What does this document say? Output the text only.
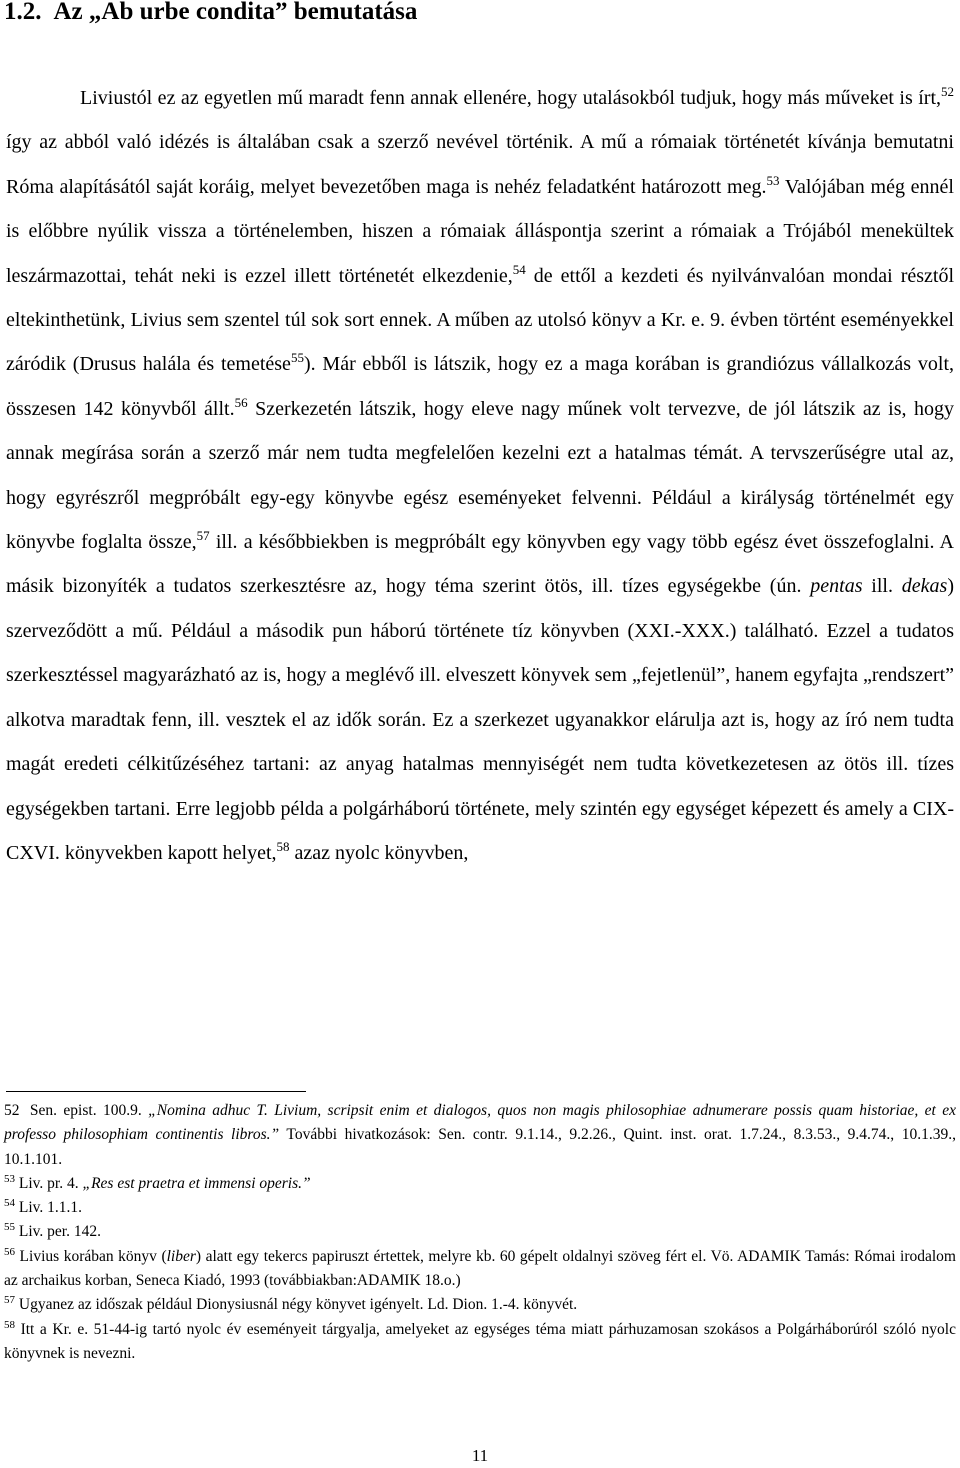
1.2. Az „Ab urbe condita” bemutatása

Liviustól ez az egyetlen mű maradt fenn annak ellenére, hogy utalásokból tudjuk, hogy más műveket is írt,$^{52}$ így az abból való idézés is általában csak a szerző nevével történik. A mű a rómaiak történetét kívánja bemutatni Róma alapításától saját koráig, melyet bevezetőben maga is nehéz feladatként határozott meg.$^{53}$ Valójában még ennél is előbbre nyúlik vissza a történelemben, hiszen a rómaiak álláspontja szerint a rómaiak a Trójából menekültek leszármazottai, tehát neki is ezzel illett történetét elkezdenie,$^{54}$ de ettől a kezdeti és nyilvánvalóan mondai résztől eltekinthetünk, Livius sem szentel túl sok sort ennek. A műben az utolsó könyv a Kr. e. 9. évben történt eseményekkel záródik (Drusus halála és temetése$^{55}$). Már ebből is látszik, hogy ez a maga korában is grandiózus vállalkozás volt, összesen 142 könyvből állt.$^{56}$ Szerkezetén látszik, hogy eleve nagy műnek volt tervezve, de jól látszik az is, hogy annak megírása során a szerző már nem tudta megfelelően kezelni ezt a hatalmas témát. A tervszerűségre utal az, hogy egyrészről megpróbált egy-egy könyvbe egész eseményeket felvenni. Például a királyság történelmét egy könyvbe foglalta össze,$^{57}$ ill. a későbbiekben is megpróbált egy könyvben egy vagy több egész évet összefoglalni. A másik bizonyíték a tudatos szerkesztésre az, hogy téma szerint ötös, ill. tízes egységekbe (ún. pentas ill. dekas) szerveződött a mű. Például a második pun háború története tíz könyvben (XXI.-XXX.) található. Ezzel a tudatos szerkesztéssel magyarázható az is, hogy a meglévő ill. elveszett könyvek sem „fejetlenül”, hanem egyfajta „rendszert” alkotva maradtak fenn, ill. vesztek el az idők során. Ez a szerkezet ugyanakkor elárulja azt is, hogy az író nem tudta magát eredeti célkitűzéséhez tartani: az anyag hatalmas mennyiségét nem tudta következetesen az ötös ill. tízes egységekben tartani. Erre legjobb példa a polgárháború története, mely szintén egy egységet képezett és amely a CIX-CXVI. könyvekben kapott helyet,$^{58}$ azaz nyolc könyvben,

52 Sen. epist. 100.9. „Nomina adhuc T. Livium, scripsit enim et dialogos, quos non magis philosophiae adnumerare possis quam historiae, et ex professo philosophiam continentis libros.” További hivatkozások: Sen. contr. 9.1.14., 9.2.26., Quint. inst. orat. 1.7.24., 8.3.53., 9.4.74., 10.1.39., 10.1.101.

$^{53}$ Liv. pr. 4. „Res est praetra et immensi operis.”

$^{54}$ Liv. 1.1.1.

$^{55}$ Liv. per. 142.

$^{56}$ Livius korában könyv (liber) alatt egy tekercs papiruszt értettek, melyre kb. 60 gépelt oldalnyi szöveg fért el. Vö. ADAMIK Tamás: Római irodalom az archaikus korban, Seneca Kiadó, 1993 (továbbiakban:ADAMIK 18.o.)

$^{57}$ Ugyanez az időszak például Dionysiusnál négy könyvet igényelt. Ld. Dion. 1.-4. könyvét.

$^{58}$ Itt a Kr. e. 51-44-ig tartó nyolc év eseményeit tárgyalja, amelyeket az egységes téma miatt párhuzamosan szokásos a Polgárháborúról szóló nyolc könyvnek is nevezni.

11
